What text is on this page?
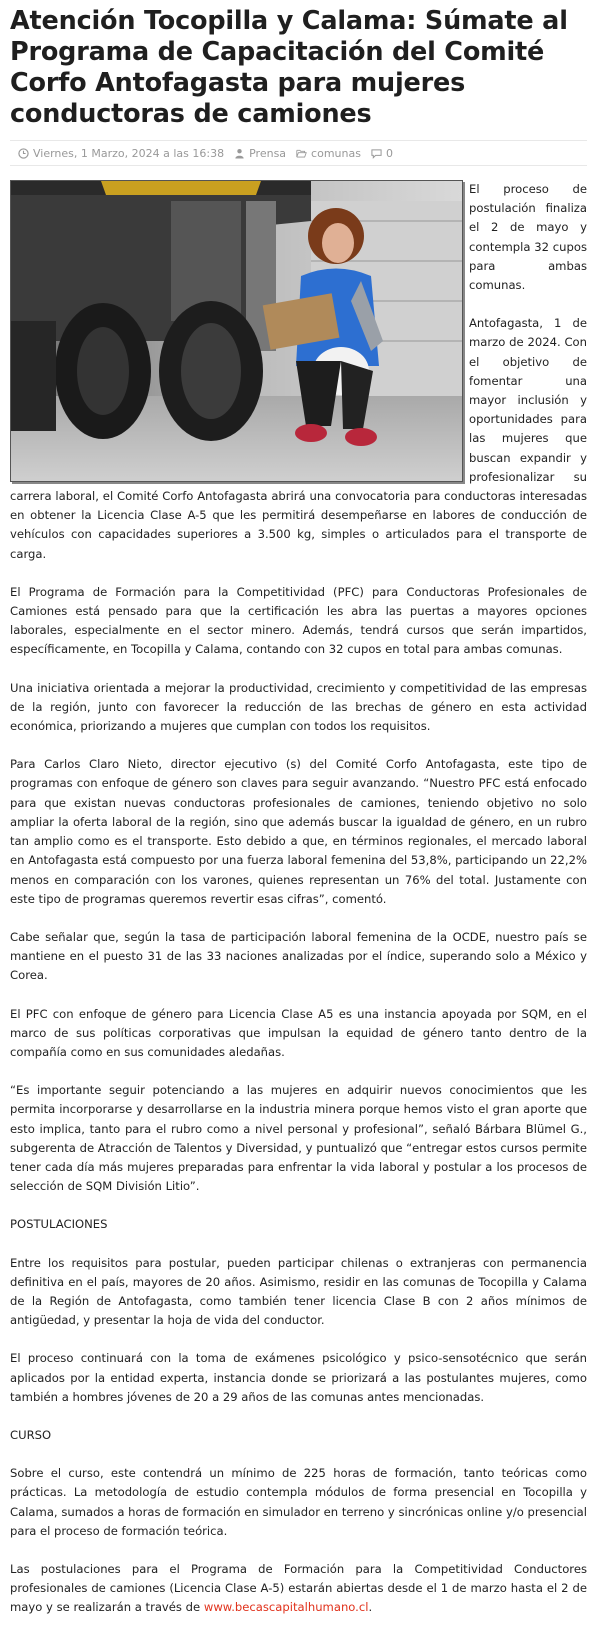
Atención Tocopilla y Calama: Súmate al Programa de Capacitación del Comité Corfo Antofagasta para mujeres conductoras de camiones
Viernes, 1 Marzo, 2024 a las 16:38 Prensa comunas 0

El proceso de postulación finaliza el 2 de mayo y contempla 32 cupos para ambas comunas.

Antofagasta, 1 de marzo de 2024. Con el objetivo de fomentar una mayor inclusión y oportunidades para las mujeres que buscan expandir y profesionalizar su carrera laboral, el Comité Corfo Antofagasta abrirá una convocatoria para conductoras interesadas en obtener la Licencia Clase A-5 que les permitirá desempeñarse en labores de conducción de vehículos con capacidades superiores a 3.500 kg, simples o articulados para el transporte de carga.

El Programa de Formación para la Competitividad (PFC) para Conductoras Profesionales de Camiones está pensado para que la certificación les abra las puertas a mayores opciones laborales, especialmente en el sector minero. Además, tendrá cursos que serán impartidos, específicamente, en Tocopilla y Calama, contando con 32 cupos en total para ambas comunas.

Una iniciativa orientada a mejorar la productividad, crecimiento y competitividad de las empresas de la región, junto con favorecer la reducción de las brechas de género en esta actividad económica, priorizando a mujeres que cumplan con todos los requisitos.

Para Carlos Claro Nieto, director ejecutivo (s) del Comité Corfo Antofagasta, este tipo de programas con enfoque de género son claves para seguir avanzando. “Nuestro PFC está enfocado para que existan nuevas conductoras profesionales de camiones, teniendo objetivo no solo ampliar la oferta laboral de la región, sino que además buscar la igualdad de género, en un rubro tan amplio como es el transporte. Esto debido a que, en términos regionales, el mercado laboral en Antofagasta está compuesto por una fuerza laboral femenina del 53,8%, participando un 22,2% menos en comparación con los varones, quienes representan un 76% del total. Justamente con este tipo de programas queremos revertir esas cifras”, comentó.

Cabe señalar que, según la tasa de participación laboral femenina de la OCDE, nuestro país se mantiene en el puesto 31 de las 33 naciones analizadas por el índice, superando solo a México y Corea.

El PFC con enfoque de género para Licencia Clase A5 es una instancia apoyada por SQM, en el marco de sus políticas corporativas que impulsan la equidad de género tanto dentro de la compañía como en sus comunidades aledañas.

“Es importante seguir potenciando a las mujeres en adquirir nuevos conocimientos que les permita incorporarse y desarrollarse en la industria minera porque hemos visto el gran aporte que esto implica, tanto para el rubro como a nivel personal y profesional”, señaló Bárbara Blümel G., subgerenta de Atracción de Talentos y Diversidad, y puntualizó que “entregar estos cursos permite tener cada día más mujeres preparadas para enfrentar la vida laboral y postular a los procesos de selección de SQM División Litio”.

POSTULACIONES

Entre los requisitos para postular, pueden participar chilenas o extranjeras con permanencia definitiva en el país, mayores de 20 años. Asimismo, residir en las comunas de Tocopilla y Calama de la Región de Antofagasta, como también tener licencia Clase B con 2 años mínimos de antigüedad, y presentar la hoja de vida del conductor.

El proceso continuará con la toma de exámenes psicológico y psico-sensotécnico que serán aplicados por la entidad experta, instancia donde se priorizará a las postulantes mujeres, como también a hombres jóvenes de 20 a 29 años de las comunas antes mencionadas.

CURSO

Sobre el curso, este contendrá un mínimo de 225 horas de formación, tanto teóricas como prácticas. La metodología de estudio contempla módulos de forma presencial en Tocopilla y Calama, sumados a horas de formación en simulador en terreno y sincrónicas online y/o presencial para el proceso de formación teórica.

Las postulaciones para el Programa de Formación para la Competitividad Conductores profesionales de camiones (Licencia Clase A-5) estarán abiertas desde el 1 de marzo hasta el 2 de mayo y se realizarán a través de www.becascapitalhumano.cl.
